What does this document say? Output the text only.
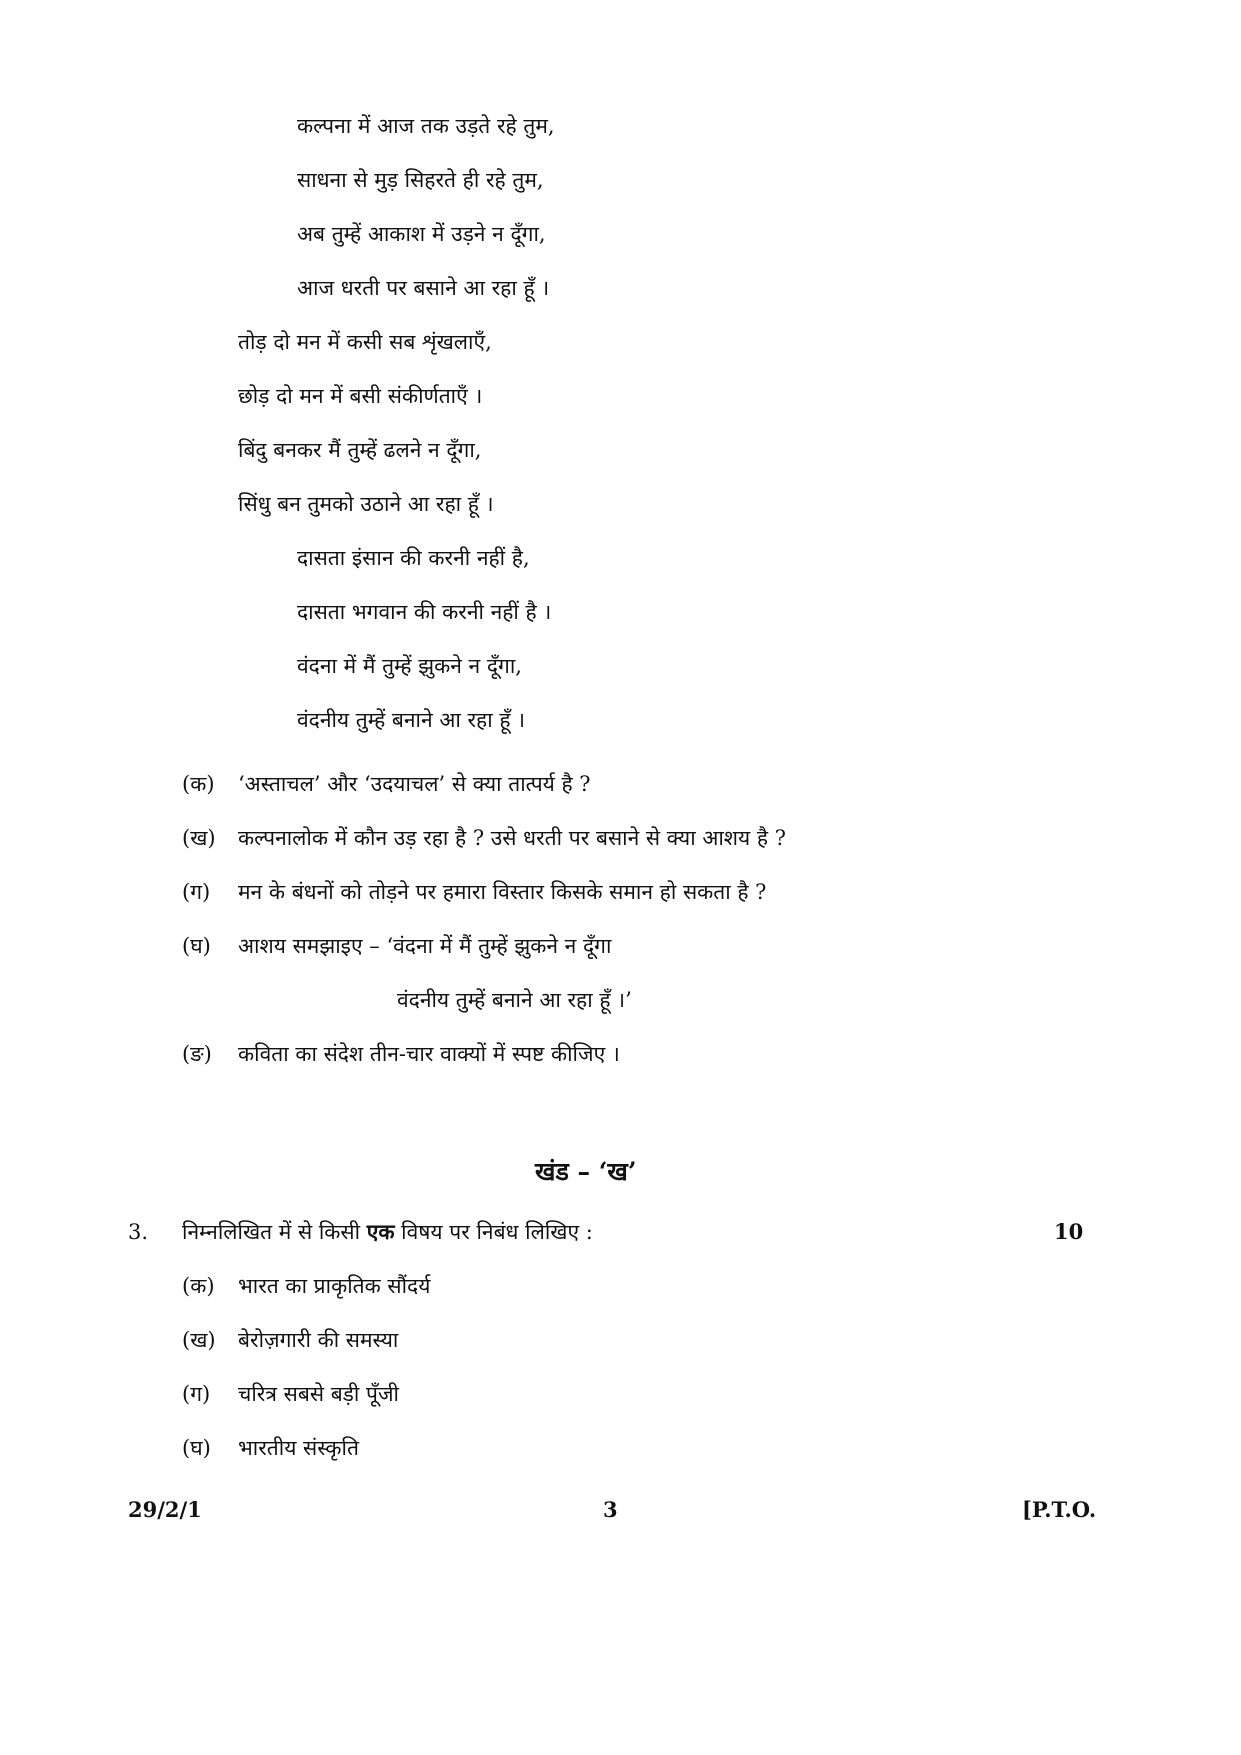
कल्पना में आज तक उड़ते रहे तुम,
साधना से मुड़ सिहरते ही रहे तुम,
अब तुम्हें आकाश में उड़ने न दूँगा,
आज धरती पर बसाने आ रहा हूँ ।
तोड़ दो मन में कसी सब शृंखलाएँ,
छोड़ दो मन में बसी संकीर्णताएँ ।
बिंदु बनकर मैं तुम्हें ढलने न दूँगा,
सिंधु बन तुमको उठाने आ रहा हूँ ।
दासता इंसान की करनी नहीं है,
दासता भगवान की करनी नहीं है ।
वंदना में मैं तुम्हें झुकने न दूँगा,
वंदनीय तुम्हें बनाने आ रहा हूँ ।
(क) ‘अस्ताचल’ और ‘उदयाचल’ से क्या तात्पर्य है ?
(ख) कल्पनालोक में कौन उड़ रहा है ? उसे धरती पर बसाने से क्या आशय है ?
(ग) मन के बंधनों को तोड़ने पर हमारा विस्तार किसके समान हो सकता है ?
(घ) आशय समझाइए – ‘वंदना में मैं तुम्हें झुकने न दूँगा
वंदनीय तुम्हें बनाने आ रहा हूँ ।’
(ङ) कविता का संदेश तीन-चार वाक्यों में स्पष्ट कीजिए ।
खंड – ‘ख’
3. निम्नलिखित में से किसी एक विषय पर निबंध लिखिए :	10
(क) भारत का प्राकृतिक सौंदर्य
(ख) बेरोज़गारी की समस्या
(ग) चरित्र सबसे बड़ी पूँजी
(घ) भारतीय संस्कृति
29/2/1	3	[P.T.O.
